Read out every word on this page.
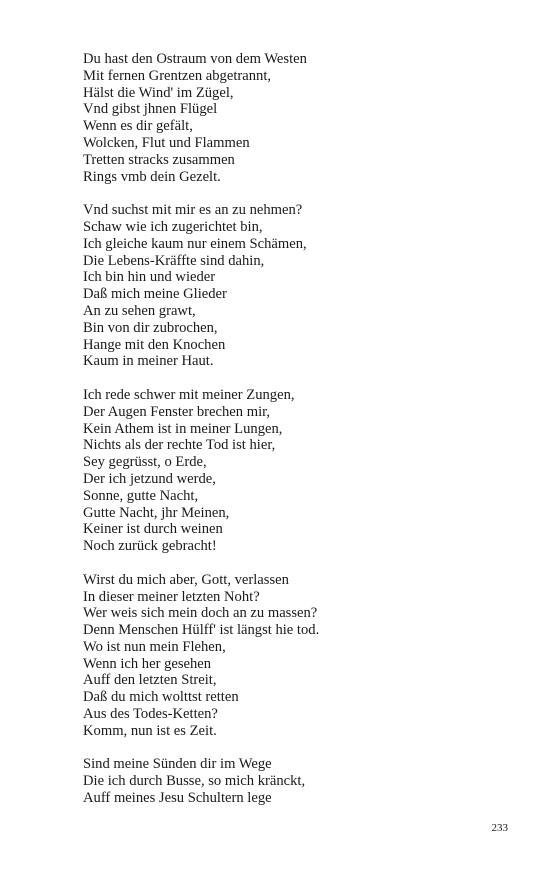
Du hast den Ostraum von dem Westen
Mit fernen Grentzen abgetrannt,
Hälst die Wind' im Zügel,
Vnd gibst jhnen Flügel
Wenn es dir gefält,
Wolcken, Flut und Flammen
Tretten stracks zusammen
Rings vmb dein Gezelt.
Vnd suchst mit mir es an zu nehmen?
Schaw wie ich zugerichtet bin,
Ich gleiche kaum nur einem Schämen,
Die Lebens-Kräffte sind dahin,
Ich bin hin und wieder
Daß mich meine Glieder
An zu sehen grawt,
Bin von dir zubrochen,
Hange mit den Knochen
Kaum in meiner Haut.
Ich rede schwer mit meiner Zungen,
Der Augen Fenster brechen mir,
Kein Athem ist in meiner Lungen,
Nichts als der rechte Tod ist hier,
Sey gegrüsst, o Erde,
Der ich jetzund werde,
Sonne, gutte Nacht,
Gutte Nacht, jhr Meinen,
Keiner ist durch weinen
Noch zurück gebracht!
Wirst du mich aber, Gott, verlassen
In dieser meiner letzten Noht?
Wer weis sich mein doch an zu massen?
Denn Menschen Hülff' ist längst hie tod.
Wo ist nun mein Flehen,
Wenn ich her gesehen
Auff den letzten Streit,
Daß du mich wolttst retten
Aus des Todes-Ketten?
Komm, nun ist es Zeit.
Sind meine Sünden dir im Wege
Die ich durch Busse, so mich kränckt,
Auff meines Jesu Schultern lege
233
